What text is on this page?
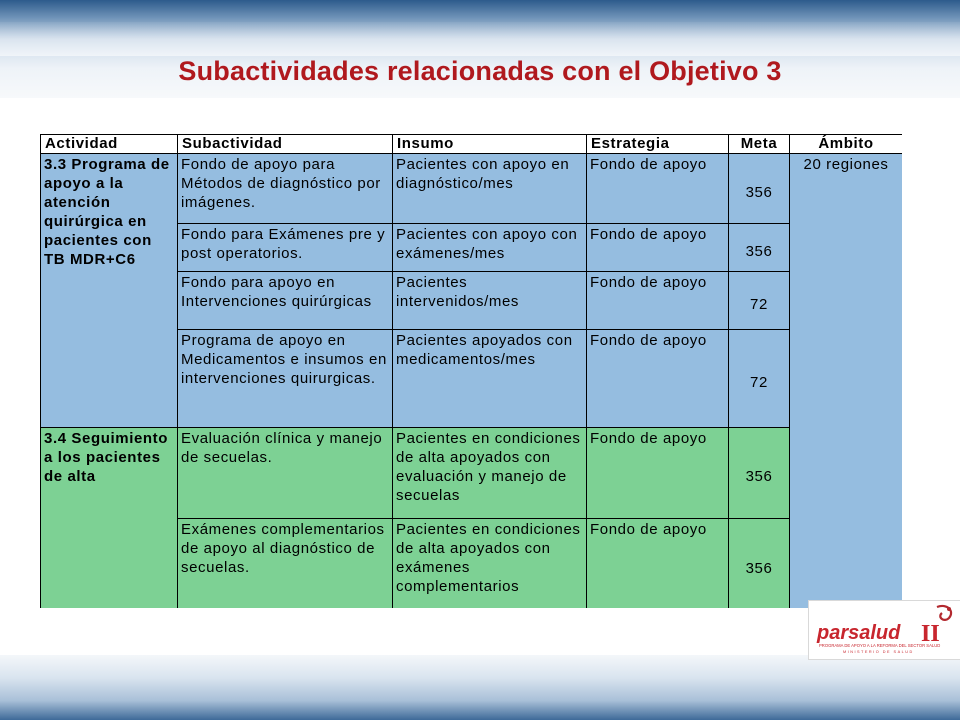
Subactividades relacionadas con el Objetivo 3
Actividad	Subactividad	Insumo	Estrategia	Meta	Ámbito
3.3 Programa de apoyo a la atención quirúrgica en pacientes con TB MDR+C6	Fondo de apoyo para Métodos de diagnóstico por imágenes.	Pacientes con apoyo en diagnóstico/mes	Fondo de apoyo	356	20 regiones
	Fondo para Exámenes pre y post operatorios.	Pacientes con apoyo con exámenes/mes	Fondo de apoyo	356	

	Fondo para apoyo en Intervenciones quirúrgicas	Pacientes intervenidos/mes	Fondo de apoyo	72	
	Programa de apoyo en Medicamentos e insumos en intervenciones quirurgicas.	Pacientes apoyados con medicamentos/mes	Fondo de apoyo	72	
3.4 Seguimiento a los pacientes de alta	Evaluación clínica y manejo de secuelas.	Pacientes en condiciones de alta apoyados con evaluación y manejo de secuelas	Fondo de apoyo	356	
	Exámenes complementarios de apoyo al diagnóstico de secuelas.	Pacientes en condiciones de alta apoyados con exámenes complementarios	Fondo de apoyo	356	
parsalud II
PROGRAMA DE APOYO A LA REFORMA DEL SECTOR SALUD
MINISTERIO DE SALUD
